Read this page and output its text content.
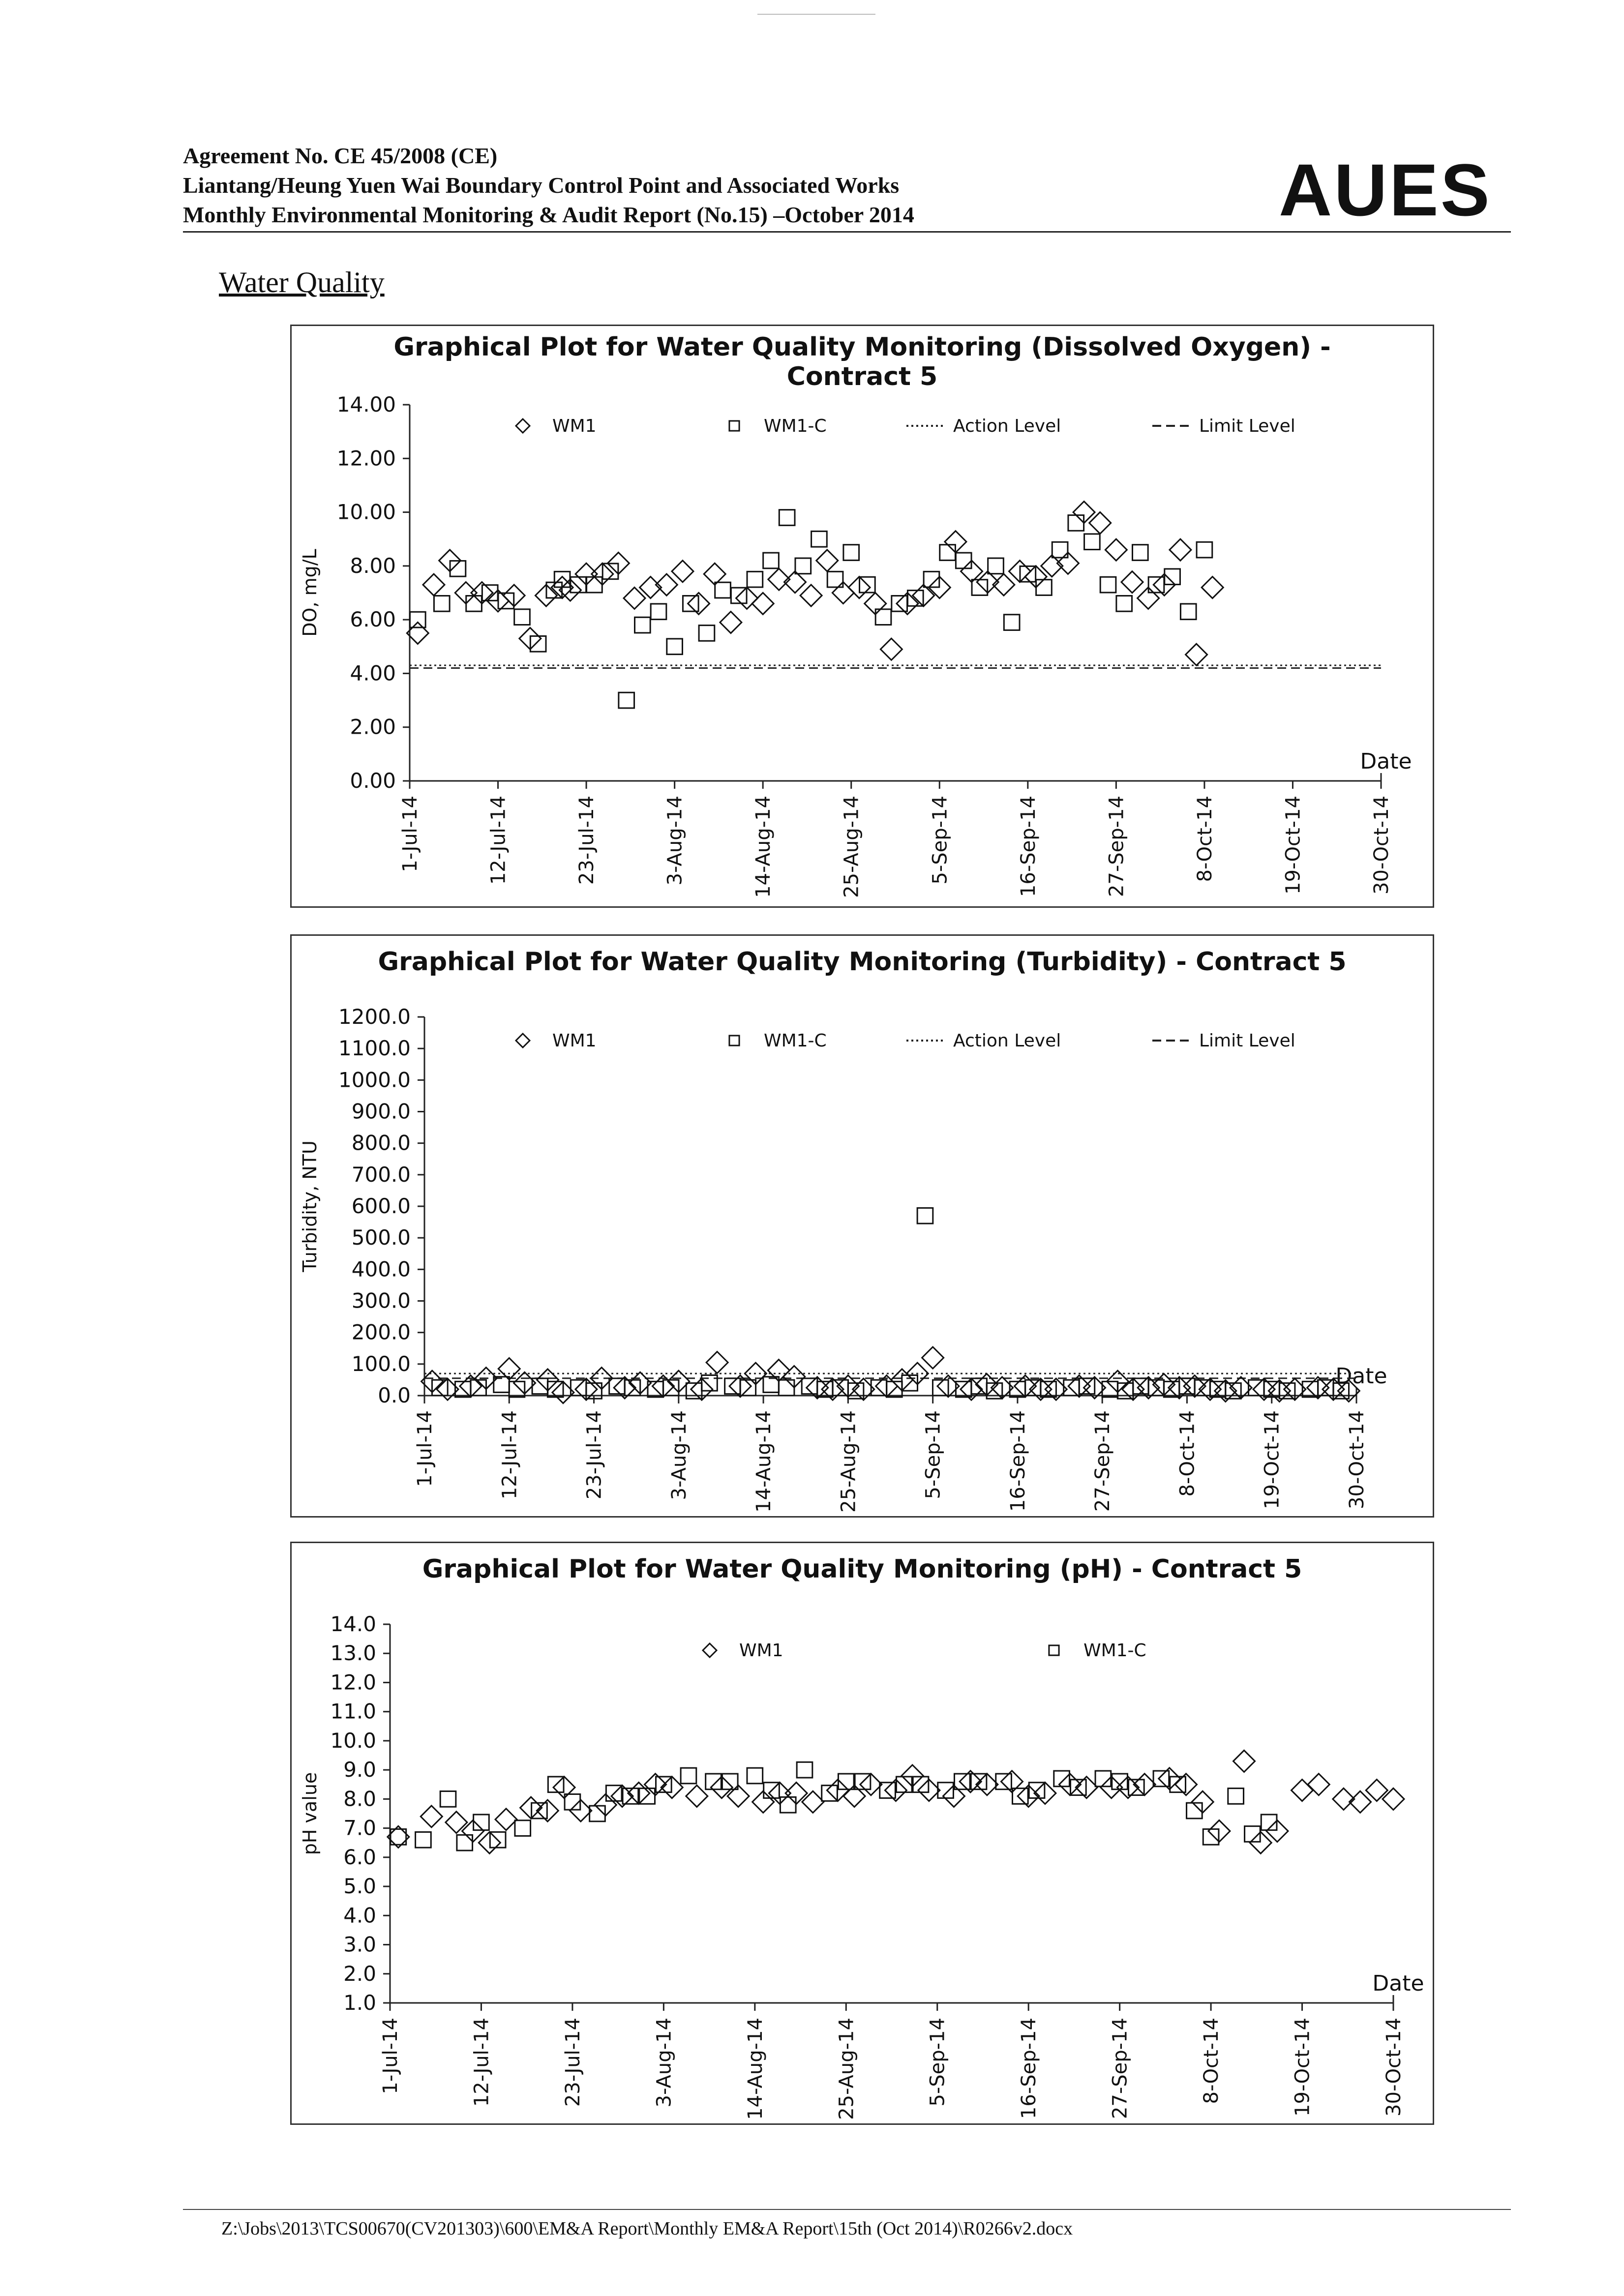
Agreement No. CE 45/2008 (CE)
Liantang/Heung Yuen Wai Boundary Control Point and Associated Works
Monthly Environmental Monitoring & Audit Report (No.15) –October 2014	AUES
Water Quality
Graphical Plot for Water Quality Monitoring (Dissolved Oxygen) -
Contract 5
DO, mg/L
0.00
2.00
4.00
6.00
8.00
10.00
12.00
14.00
1-Jul-14	12-Jul-14	23-Jul-14	3-Aug-14	14-Aug-14	25-Aug-14	5-Sep-14	16-Sep-14	27-Sep-14	8-Oct-14	19-Oct-14	30-Oct-14
Date
WM1	WM1-C	Action Level	Limit Level
Graphical Plot for Water Quality Monitoring (Turbidity) - Contract 5
Turbidity, NTU
0.0
100.0
200.0
300.0
400.0
500.0
600.0
700.0
800.0
900.0
1000.0
1100.0
1200.0
1-Jul-14	12-Jul-14	23-Jul-14	3-Aug-14	14-Aug-14	25-Aug-14	5-Sep-14	16-Sep-14	27-Sep-14	8-Oct-14	19-Oct-14	30-Oct-14
Date
WM1	WM1-C	Action Level	Limit Level
Graphical Plot for Water Quality Monitoring (pH) - Contract 5
pH value
1.0
2.0
3.0
4.0
5.0
6.0
7.0
8.0
9.0
10.0
11.0
12.0
13.0
14.0
1-Jul-14	12-Jul-14	23-Jul-14	3-Aug-14	14-Aug-14	25-Aug-14	5-Sep-14	16-Sep-14	27-Sep-14	8-Oct-14	19-Oct-14	30-Oct-14
Date
WM1	WM1-C
Z:\Jobs\2013\TCS00670(CV201303)\600\EM&A Report\Monthly EM&A Report\15th (Oct 2014)\R0266v2.docx
